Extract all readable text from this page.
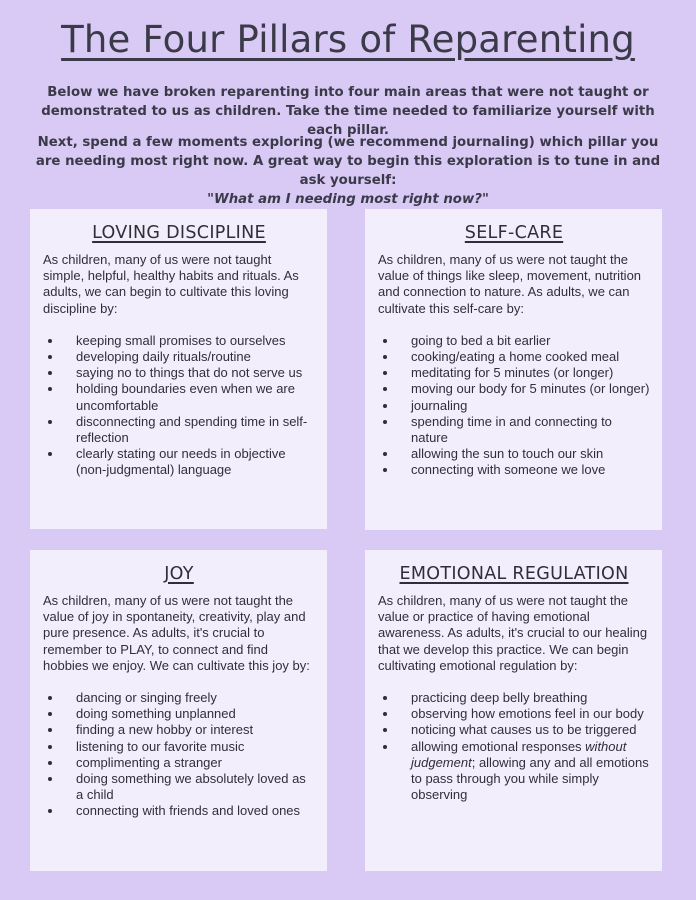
The Four Pillars of Reparenting

Below we have broken reparenting into four main areas that were not taught or demonstrated to us as children. Take the time needed to familiarize yourself with each pillar.

Next, spend a few moments exploring (we recommend journaling) which pillar you are needing most right now. A great way to begin this exploration is to tune in and ask yourself:
"What am I needing most right now?"

LOVING DISCIPLINE

As children, many of us were not taught simple, helpful, healthy habits and rituals. As adults, we can begin to cultivate this loving discipline by:

• keeping small promises to ourselves
• developing daily rituals/routine
• saying no to things that do not serve us
• holding boundaries even when we are uncomfortable
• disconnecting and spending time in self-reflection
• clearly stating our needs in objective (non-judgmental) language
SELF-CARE

As children, many of us were not taught the value of things like sleep, movement, nutrition and connection to nature. As adults, we can cultivate this self-care by:

• going to bed a bit earlier
• cooking/eating a home cooked meal
• meditating for 5 minutes (or longer)
• moving our body for 5 minutes (or longer)
• journaling
• spending time in and connecting to nature
• allowing the sun to touch our skin
• connecting with someone we love
JOY

As children, many of us were not taught the value of joy in spontaneity, creativity, play and pure presence. As adults, it's crucial to remember to PLAY, to connect and find hobbies we enjoy. We can cultivate this joy by:

• dancing or singing freely
• doing something unplanned
• finding a new hobby or interest
• listening to our favorite music
• complimenting a stranger
• doing something we absolutely loved as a child
• connecting with friends and loved ones
EMOTIONAL REGULATION

As children, many of us were not taught the value or practice of having emotional awareness. As adults, it's crucial to our healing that we develop this practice. We can begin cultivating emotional regulation by:

• practicing deep belly breathing
• observing how emotions feel in our body
• noticing what causes us to be triggered
• allowing emotional responses without judgement; allowing any and all emotions to pass through you while simply observing
